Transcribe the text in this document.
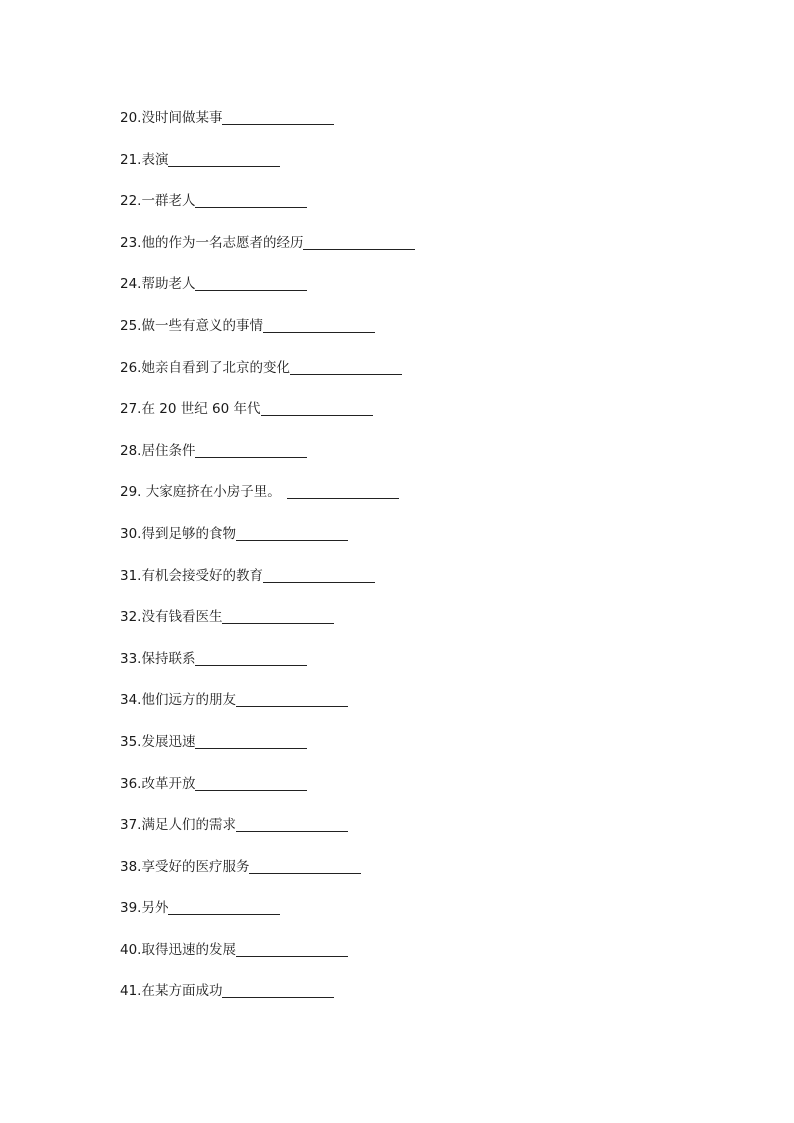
20. 没时间做某事
21. 表演
22. 一群老人
23. 他的作为一名志愿者的经历
24. 帮助老人
25. 做一些有意义的事情
26. 她亲自看到了北京的变化
27. 在 20 世纪 60 年代
28. 居住条件
29. 大家庭挤在小房子里。
30. 得到足够的食物
31. 有机会接受好的教育
32. 没有钱看医生
33. 保持联系
34. 他们远方的朋友
35. 发展迅速
36. 改革开放
37. 满足人们的需求
38. 享受好的医疗服务
39. 另外
40. 取得迅速的发展
41. 在某方面成功
